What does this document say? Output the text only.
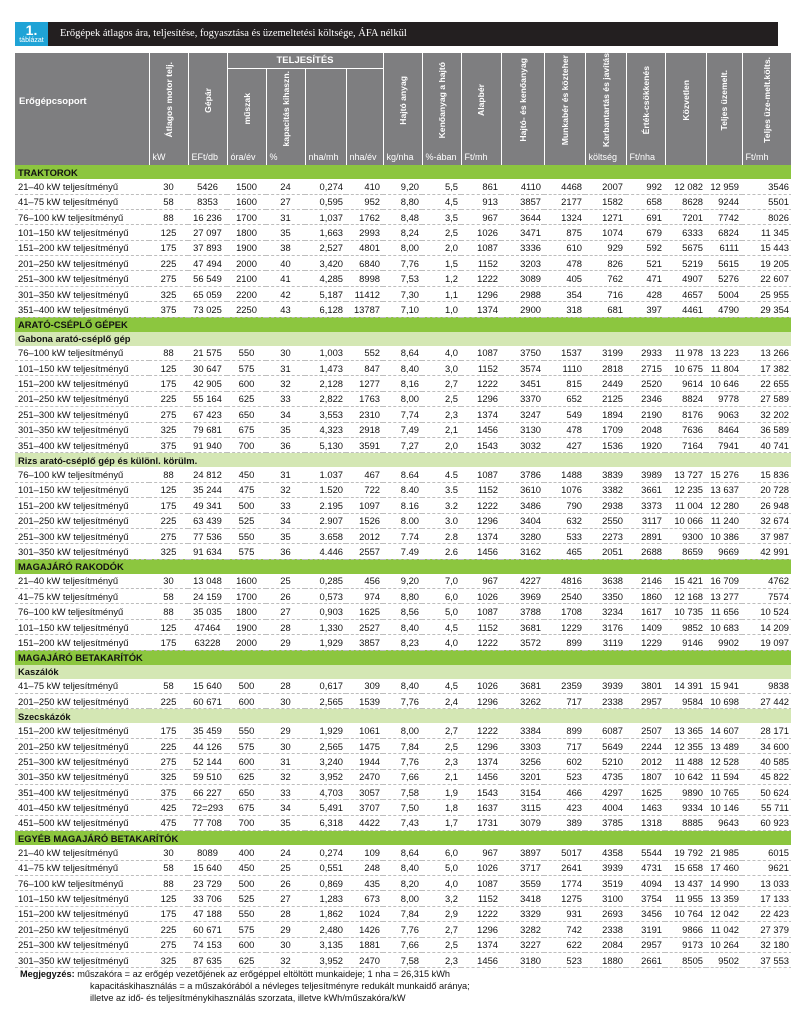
1.
táblázat
Erőgépek átlagos ára, teljesítése, fogyasztása és üzemeltetési költsége, ÁFA nélkül
Erőgépcsoport	Átlagos motor telj.	Gépár	TELJESÍTÉS				Hajtó anyag	Kenőanyag a hajtó	Alapbér	Hajtó- és kenőanyag	Munkabér és közteher	Karbantartás és javítás	Érték-csökkenés	Közvetlen	Teljes üzemelt.	Teljes üze-melt.költs.
			műszak	kapacitás kihaszn.												
	kW	EFt/db	óra/év	%	nha/mh	nha/év	kg/nha	%-ában	Ft/mh			költség	Ft/nha			Ft/mh
TRAKTOROK																
21–40 kW teljesítményű	30	5426	1500	24	0,274	410	9,20	5,5	861	4110	4468	2007	992	12 082	12 959	3546
41–75 kW teljesítményű	58	8353	1600	27	0,595	952	8,80	4,5	913	3857	2177	1582	658	8628	9244	5501
76–100 kW teljesítményű	88	16 236	1700	31	1,037	1762	8,48	3,5	967	3644	1324	1271	691	7201	7742	8026
101–150 kW teljesítményű	125	27 097	1800	35	1,663	2993	8,24	2,5	1026	3471	875	1074	679	6333	6824	11 345
151–200 kW teljesítményű	175	37 893	1900	38	2,527	4801	8,00	2,0	1087	3336	610	929	592	5675	6111	15 443
201–250 kW teljesítményű	225	47 494	2000	40	3,420	6840	7,76	1,5	1152	3203	478	826	521	5219	5615	19 205
251–300 kW teljesítményű	275	56 549	2100	41	4,285	8998	7,53	1,2	1222	3089	405	762	471	4907	5276	22 607
301–350 kW teljesítményű	325	65 059	2200	42	5,187	11412	7,30	1,1	1296	2988	354	716	428	4657	5004	25 955
351–400 kW teljesítményű	375	73 025	2250	43	6,128	13787	7,10	1,0	1374	2900	318	681	397	4461	4790	29 354
ARATÓ-CSÉPLŐ GÉPEK																
Gabona arató-cséplő gép																
76–100 kW teljesítményű	88	21 575	550	30	1,003	552	8,64	4,0	1087	3750	1537	3199	2933	11 978	13 223	13 266
101–150 kW teljesítményű	125	30 647	575	31	1,473	847	8,40	3,0	1152	3574	1110	2818	2715	10 675	11 804	17 382
151–200 kW teljesítményű	175	42 905	600	32	2,128	1277	8,16	2,7	1222	3451	815	2449	2520	9614	10 646	22 655
201–250 kW teljesítményű	225	55 164	625	33	2,822	1763	8,00	2,5	1296	3370	652	2125	2346	8824	9778	27 589
251–300 kW teljesítményű	275	67 423	650	34	3,553	2310	7,74	2,3	1374	3247	549	1894	2190	8176	9063	32 202
301–350 kW teljesítményű	325	79 681	675	35	4,323	2918	7,49	2,1	1456	3130	478	1709	2048	7636	8464	36 589
351–400 kW teljesítményű	375	91 940	700	36	5,130	3591	7,27	2,0	1543	3032	427	1536	1920	7164	7941	40 741
Rizs arató-cséplő gép és különl. körülm.																
76–100 kW teljesítményű	88	24 812	450	31	1.037	467	8.64	4.5	1087	3786	1488	3839	3989	13 727	15 276	15 836
101–150 kW teljesítményű	125	35 244	475	32	1.520	722	8.40	3.5	1152	3610	1076	3382	3661	12 235	13 637	20 728
151–200 kW teljesítményű	175	49 341	500	33	2.195	1097	8.16	3.2	1222	3486	790	2938	3373	11 004	12 280	26 948
201–250 kW teljesítményű	225	63 439	525	34	2.907	1526	8.00	3.0	1296	3404	632	2550	3117	10 066	11 240	32 674
251–300 kW teljesítményű	275	77 536	550	35	3.658	2012	7.74	2.8	1374	3280	533	2273	2891	9300	10 386	37 987
301–350 kW teljesítményű	325	91 634	575	36	4.446	2557	7.49	2.6	1456	3162	465	2051	2688	8659	9669	42 991
MAGAJÁRÓ RAKODÓK																
21–40 kW teljesítményű	30	13 048	1600	25	0,285	456	9,20	7,0	967	4227	4816	3638	2146	15 421	16 709	4762
41–75 kW teljesítményű	58	24 159	1700	26	0,573	974	8,80	6,0	1026	3969	2540	3350	1860	12 168	13 277	7574
76–100 kW teljesítményű	88	35 035	1800	27	0,903	1625	8,56	5,0	1087	3788	1708	3234	1617	10 735	11 656	10 524
101–150 kW teljesítményű	125	47464	1900	28	1,330	2527	8,40	4,5	1152	3681	1229	3176	1409	9852	10 683	14 209
151–200 kW teljesítményű	175	63228	2000	29	1,929	3857	8,23	4,0	1222	3572	899	3119	1229	9146	9902	19 097
MAGAJÁRÓ BETAKARÍTÓK																
Kaszálók																
41–75 kW teljesítményű	58	15 640	500	28	0,617	309	8,40	4,5	1026	3681	2359	3939	3801	14 391	15 941	9838
201–250 kW teljesítményű	225	60 671	600	30	2,565	1539	7,76	2,4	1296	3262	717	2338	2957	9584	10 698	27 442
Szecskázók																
151–200 kW teljesítményű	175	35 459	550	29	1,929	1061	8,00	2,7	1222	3384	899	6087	2507	13 365	14 607	28 171
201–250 kW teljesítményű	225	44 126	575	30	2,565	1475	7,84	2,5	1296	3303	717	5649	2244	12 355	13 489	34 600
251–300 kW teljesítményű	275	52 144	600	31	3,240	1944	7,76	2,3	1374	3256	602	5210	2012	11 488	12 528	40 585
301–350 kW teljesítményű	325	59 510	625	32	3,952	2470	7,66	2,1	1456	3201	523	4735	1807	10 642	11 594	45 822
351–400 kW teljesítményű	375	66 227	650	33	4,703	3057	7,58	1,9	1543	3154	466	4297	1625	9890	10 765	50 624
401–450 kW teljesítményű	425	72=293	675	34	5,491	3707	7,50	1,8	1637	3115	423	4004	1463	9334	10 146	55 711
451–500 kW teljesítményű	475	77 708	700	35	6,318	4422	7,43	1,7	1731	3079	389	3785	1318	8885	9643	60 923
EGYÉB MAGAJÁRÓ BETAKARÍTÓK																
21–40 kW teljesítményű	30	8089	400	24	0,274	109	8,64	6,0	967	3897	5017	4358	5544	19 792	21 985	6015
41–75 kW teljesítményű	58	15 640	450	25	0,551	248	8,40	5,0	1026	3717	2641	3939	4731	15 658	17 460	9621
76–100 kW teljesítményű	88	23 729	500	26	0,869	435	8,20	4,0	1087	3559	1774	3519	4094	13 437	14 990	13 033
101–150 kW teljesítményű	125	33 706	525	27	1,283	673	8,00	3,2	1152	3418	1275	3100	3754	11 955	13 359	17 133
151–200 kW teljesítményű	175	47 188	550	28	1,862	1024	7,84	2,9	1222	3329	931	2693	3456	10 764	12 042	22 423
201–250 kW teljesítményű	225	60 671	575	29	2,480	1426	7,76	2,7	1296	3282	742	2338	3191	9866	11 042	27 379
251–300 kW teljesítményű	275	74 153	600	30	3,135	1881	7,66	2,5	1374	3227	622	2084	2957	9173	10 264	32 180
301–350 kW teljesítményű	325	87 635	625	32	3,952	2470	7,58	2,3	1456	3180	523	1880	2661	8505	9502	37 553
Megjegyzés: műszakóra = az erőgép vezetőjének az erőgéppel eltöltött munkaideje; 1 nha = 26,315 kWh
kapacitáskihasználás = a műszakórából a névleges teljesítményre redukált munkaidő aránya;
illetve az idő- és teljesítménykihasználás szorzata, illetve kWh/műszakóra/kW
